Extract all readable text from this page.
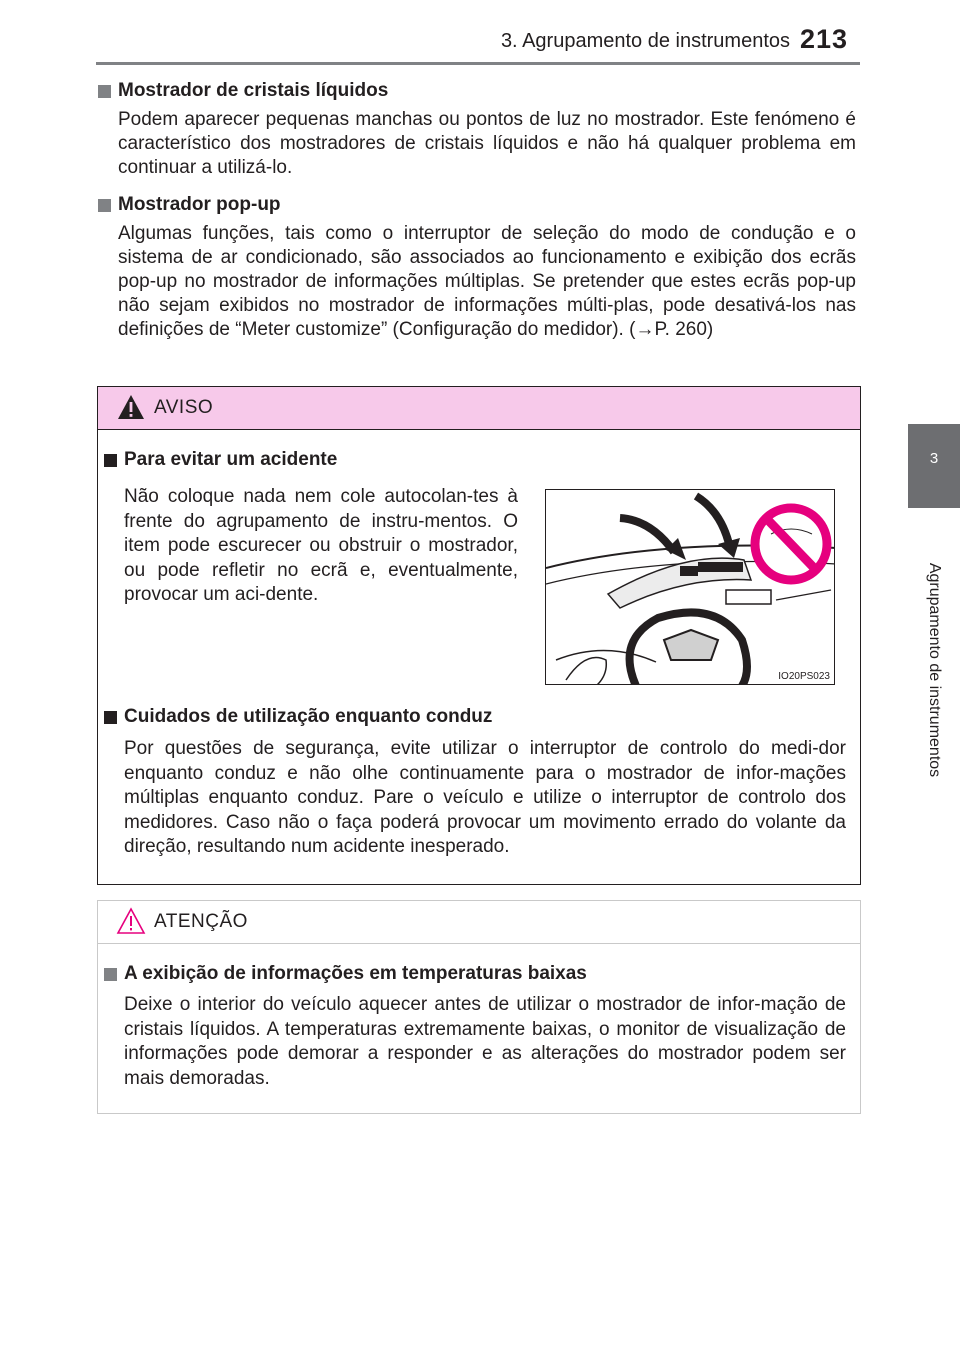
3. Agrupamento de instrumentos 213
3
Agrupamento de instrumentos

Mostrador de cristais líquidos

Podem aparecer pequenas manchas ou pontos de luz no mostrador. Este fenómeno é característico dos mostradores de cristais líquidos e não há qualquer problema em continuar a utilizá-lo.

Mostrador pop-up

Algumas funções, tais como o interruptor de seleção do modo de condução e o sistema de ar condicionado, são associados ao funcionamento e exibição dos ecrãs pop-up no mostrador de informações múltiplas. Se pretender que estes ecrãs pop-up não sejam exibidos no mostrador de informações múlti-plas, pode desativá-los nas definições de “Meter customize” (Configuração do medidor). (→P. 260)

AVISO
Para evitar um acidente
Não coloque nada nem cole autocolan-tes à frente do agrupamento de instru-mentos. O item pode escurecer ou obstruir o mostrador, ou pode refletir no ecrã e, eventualmente, provocar um aci-dente.
IO20PS023
Cuidados de utilização enquanto conduz
Por questões de segurança, evite utilizar o interruptor de controlo do medi-dor enquanto conduz e não olhe continuamente para o mostrador de infor-mações múltiplas enquanto conduz. Pare o veículo e utilize o interruptor de controlo dos medidores. Caso não o faça poderá provocar um movimento errado do volante da direção, resultando num acidente inesperado.
ATENÇÃO
A exibição de informações em temperaturas baixas
Deixe o interior do veículo aquecer antes de utilizar o mostrador de infor-mação de cristais líquidos. A temperaturas extremamente baixas, o monitor de visualização de informações pode demorar a responder e as alterações do mostrador podem ser mais demoradas.
